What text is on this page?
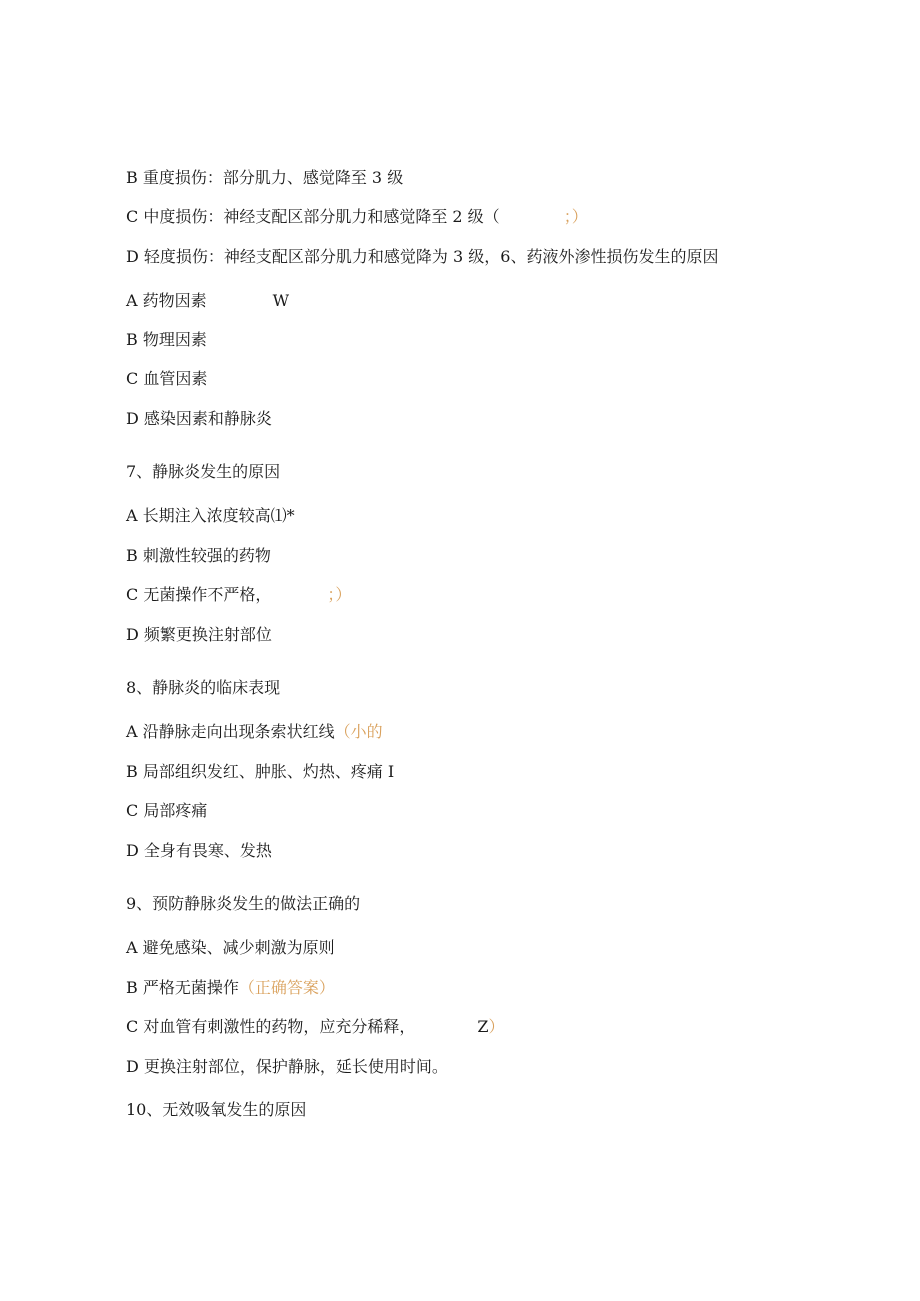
B 重度损伤：部分肌力、感觉降至 3 级
C 中度损伤：神经支配区部分肌力和感觉降至 2 级（	；）
D 轻度损伤：神经支配区部分肌力和感觉降为 3 级，6、药液外渗性损伤发生的原因
A 药物因素	W
B 物理因素
C 血管因素
D 感染因素和静脉炎
7、静脉炎发生的原因
A 长期注入浓度较高⑴*
B 刺激性较强的药物
C 无菌操作不严格，	；）
D 频繁更换注射部位
8、静脉炎的临床表现
A 沿静脉走向出现条索状红线（小的
B 局部组织发红、肿胀、灼热、疼痛 I
C 局部疼痛
D 全身有畏寒、发热
9、预防静脉炎发生的做法正确的
A 避免感染、减少刺激为原则
B 严格无菌操作（正确答案）
C 对血管有刺激性的药物，应充分稀释，	Z）
D 更换注射部位，保护静脉，延长使用时间。
10、无效吸氧发生的原因
